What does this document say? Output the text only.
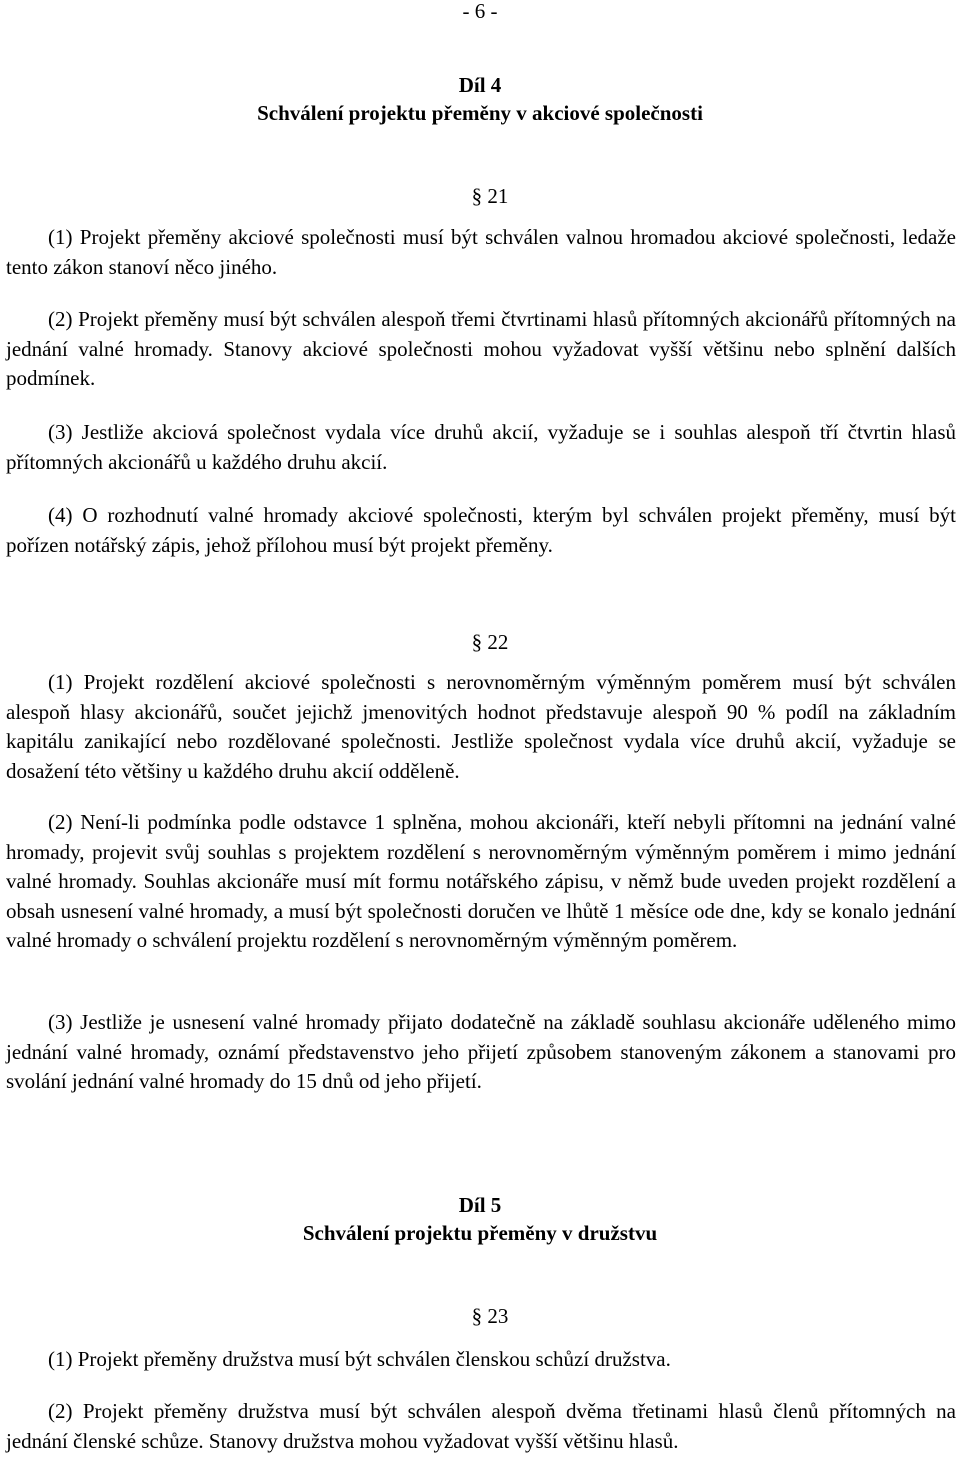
- 6 -
Díl 4
Schválení projektu přeměny v akciové společnosti
§ 21

(1) Projekt přeměny akciové společnosti musí být schválen valnou hromadou akciové společnosti, ledaže tento zákon stanoví něco jiného.

(2) Projekt přeměny musí být schválen alespoň třemi čtvrtinami hlasů přítomných akcionářů přítomných na jednání valné hromady. Stanovy akciové společnosti mohou vyžadovat vyšší většinu nebo splnění dalších podmínek.

(3) Jestliže akciová společnost vydala více druhů akcií, vyžaduje se i souhlas alespoň tří čtvrtin hlasů přítomných akcionářů u každého druhu akcií.

(4) O rozhodnutí valné hromady akciové společnosti, kterým byl schválen projekt přeměny, musí být pořízen notářský zápis, jehož přílohou musí být projekt přeměny.

§ 22

(1) Projekt rozdělení akciové společnosti s nerovnoměrným výměnným poměrem musí být schválen alespoň hlasy akcionářů, součet jejichž jmenovitých hodnot představuje alespoň 90 % podíl na základním kapitálu zanikající nebo rozdělované společnosti. Jestliže společnost vydala více druhů akcií, vyžaduje se dosažení této většiny u každého druhu akcií odděleně.

(2) Není-li podmínka podle odstavce 1 splněna, mohou akcionáři, kteří nebyli přítomni na jednání valné hromady, projevit svůj souhlas s projektem rozdělení s nerovnoměrným výměnným poměrem i mimo jednání valné hromady. Souhlas akcionáře musí mít formu notářského zápisu, v němž bude uveden projekt rozdělení a obsah usnesení valné hromady, a musí být společnosti doručen ve lhůtě 1 měsíce ode dne, kdy se konalo jednání valné hromady o schválení projektu rozdělení s nerovnoměrným výměnným poměrem.

(3) Jestliže je usnesení valné hromady přijato dodatečně na základě souhlasu akcionáře uděleného mimo jednání valné hromady, oznámí představenstvo jeho přijetí způsobem stanoveným zákonem a stanovami pro svolání jednání valné hromady do 15 dnů od jeho přijetí.

Díl 5
Schválení projektu přeměny v družstvu
§ 23

(1) Projekt přeměny družstva musí být schválen členskou schůzí družstva.

(2) Projekt přeměny družstva musí být schválen alespoň dvěma třetinami hlasů členů přítomných na jednání členské schůze. Stanovy družstva mohou vyžadovat vyšší většinu hlasů.
